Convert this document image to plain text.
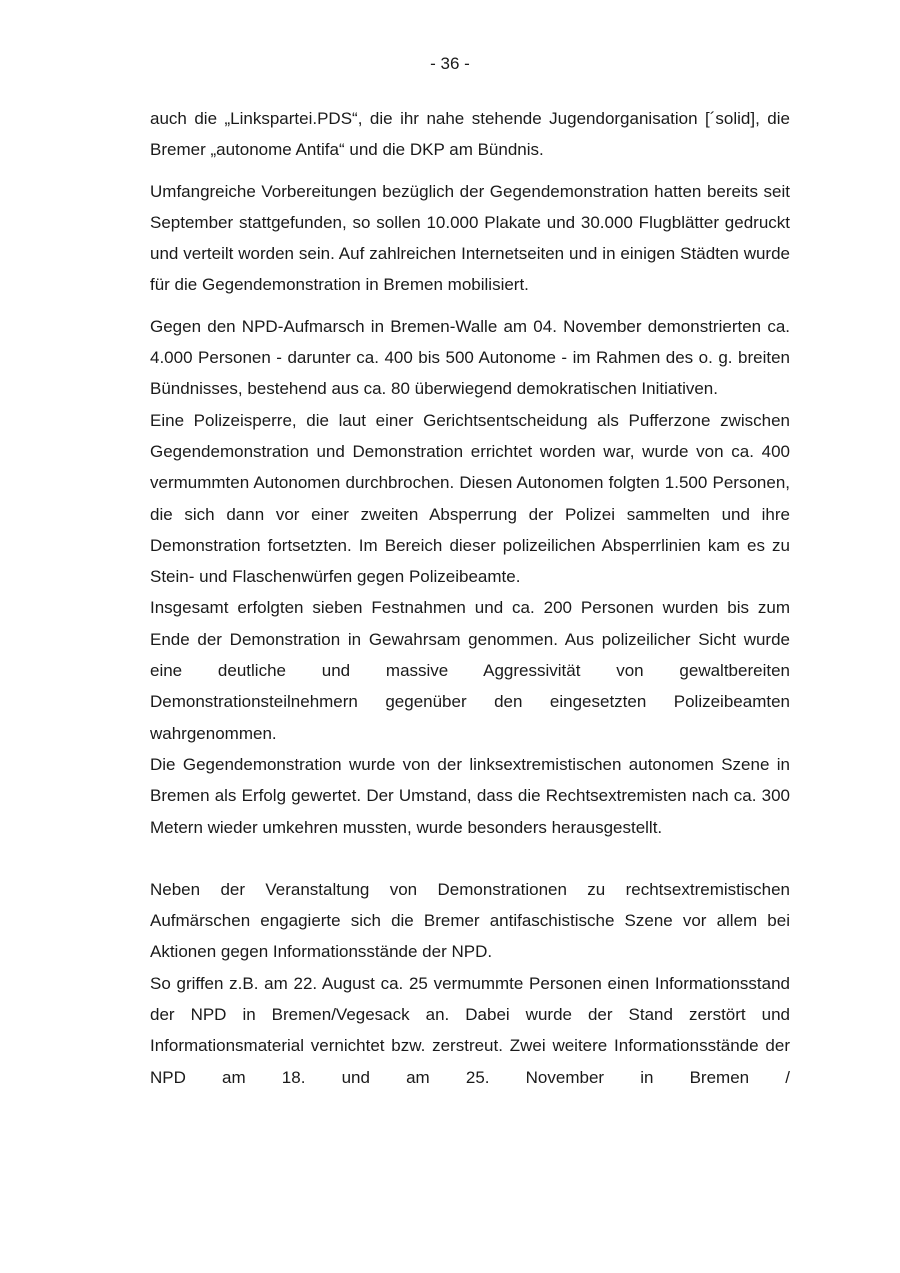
- 36 -

auch die „Linkspartei.PDS“, die ihr nahe stehende Jugendorganisation [´solid], die Bremer „autonome Antifa“ und die DKP am Bündnis.

Umfangreiche Vorbereitungen bezüglich der Gegendemonstration hatten bereits seit September stattgefunden, so sollen 10.000 Plakate und 30.000 Flugblätter gedruckt und verteilt worden sein. Auf zahlreichen Internetseiten und in einigen Städten wurde für die Gegendemonstration in Bremen mobilisiert.

Gegen den NPD-Aufmarsch in Bremen-Walle am 04. November demonstrierten ca. 4.000 Personen - darunter ca. 400 bis 500 Autonome - im Rahmen des o. g. breiten Bündnisses, bestehend aus ca. 80 überwiegend demokratischen Initiativen.

Eine Polizeisperre, die laut einer Gerichtsentscheidung als Pufferzone zwischen Gegendemonstration und Demonstration errichtet worden war, wurde von ca. 400 vermummten Autonomen durchbrochen. Diesen Autonomen folgten 1.500 Personen, die sich dann vor einer zweiten Absperrung der Polizei sammelten und ihre Demonstration fortsetzten. Im Bereich dieser polizeilichen Absperrlinien kam es zu Stein- und Flaschenwürfen gegen Polizeibeamte.

Insgesamt erfolgten sieben Festnahmen und ca. 200 Personen wurden bis zum Ende der Demonstration in Gewahrsam genommen. Aus polizeilicher Sicht wurde eine deutliche und massive Aggressivität von gewaltbereiten Demonstrationsteilnehmern gegenüber den eingesetzten Polizeibeamten wahrgenommen.

Die Gegendemonstration wurde von der linksextremistischen autonomen Szene in Bremen als Erfolg gewertet. Der Umstand, dass die Rechtsextremisten nach ca. 300 Metern wieder umkehren mussten, wurde besonders herausgestellt.

Neben der Veranstaltung von Demonstrationen zu rechtsextremistischen Aufmärschen engagierte sich die Bremer antifaschistische Szene vor allem bei Aktionen gegen Informationsstände der NPD.

So griffen z.B. am 22. August ca. 25 vermummte Personen einen Informationsstand der NPD in Bremen/Vegesack an. Dabei wurde der Stand zerstört und Informationsmaterial vernichtet bzw. zerstreut. Zwei weitere Informationsstände der NPD am 18. und am 25. November in Bremen /
